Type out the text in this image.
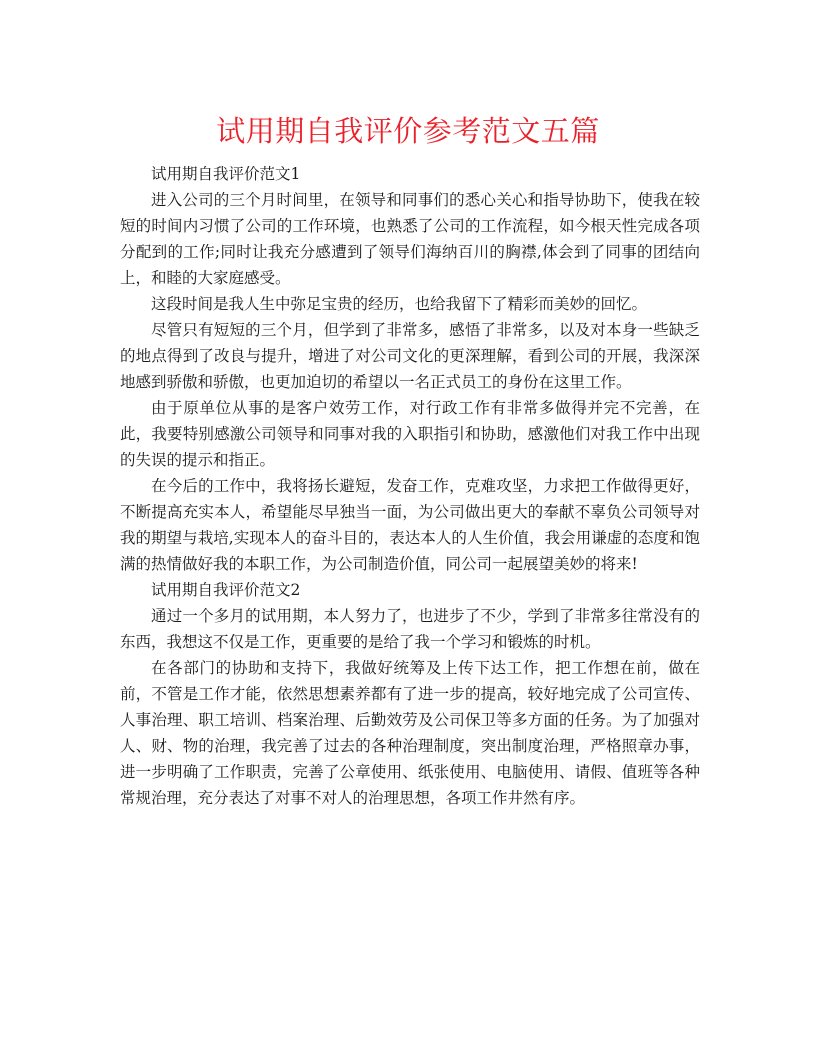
试用期自我评价参考范文五篇

试用期自我评价范文1

进入公司的三个月时间里，在领导和同事们的悉心关心和指导协助下，使我在较短的时间内习惯了公司的工作环境，也熟悉了公司的工作流程，如今根天性完成各项分配到的工作;同时让我充分感遭到了领导们海纳百川的胸襟,体会到了同事的团结向上，和睦的大家庭感受。

这段时间是我人生中弥足宝贵的经历，也给我留下了精彩而美妙的回忆。

尽管只有短短的三个月，但学到了非常多，感悟了非常多，以及对本身一些缺乏的地点得到了改良与提升，增进了对公司文化的更深理解，看到公司的开展，我深深地感到骄傲和骄傲，也更加迫切的希望以一名正式员工的身份在这里工作。

由于原单位从事的是客户效劳工作，对行政工作有非常多做得并完不完善，在此，我要特别感激公司领导和同事对我的入职指引和协助，感激他们对我工作中出现的失误的提示和指正。

在今后的工作中，我将扬长避短，发奋工作，克难攻坚，力求把工作做得更好，不断提高充实本人，希望能尽早独当一面，为公司做出更大的奉献不辜负公司领导对我的期望与栽培,实现本人的奋斗目的，表达本人的人生价值，我会用谦虚的态度和饱满的热情做好我的本职工作，为公司制造价值，同公司一起展望美妙的将来!

试用期自我评价范文2

通过一个多月的试用期，本人努力了，也进步了不少，学到了非常多往常没有的东西，我想这不仅是工作，更重要的是给了我一个学习和锻炼的时机。

在各部门的协助和支持下，我做好统筹及上传下达工作，把工作想在前，做在前，不管是工作才能，依然思想素养都有了进一步的提高，较好地完成了公司宣传、人事治理、职工培训、档案治理、后勤效劳及公司保卫等多方面的任务。为了加强对人、财、物的治理，我完善了过去的各种治理制度，突出制度治理，严格照章办事，进一步明确了工作职责，完善了公章使用、纸张使用、电脑使用、请假、值班等各种常规治理，充分表达了对事不对人的治理思想，各项工作井然有序。
